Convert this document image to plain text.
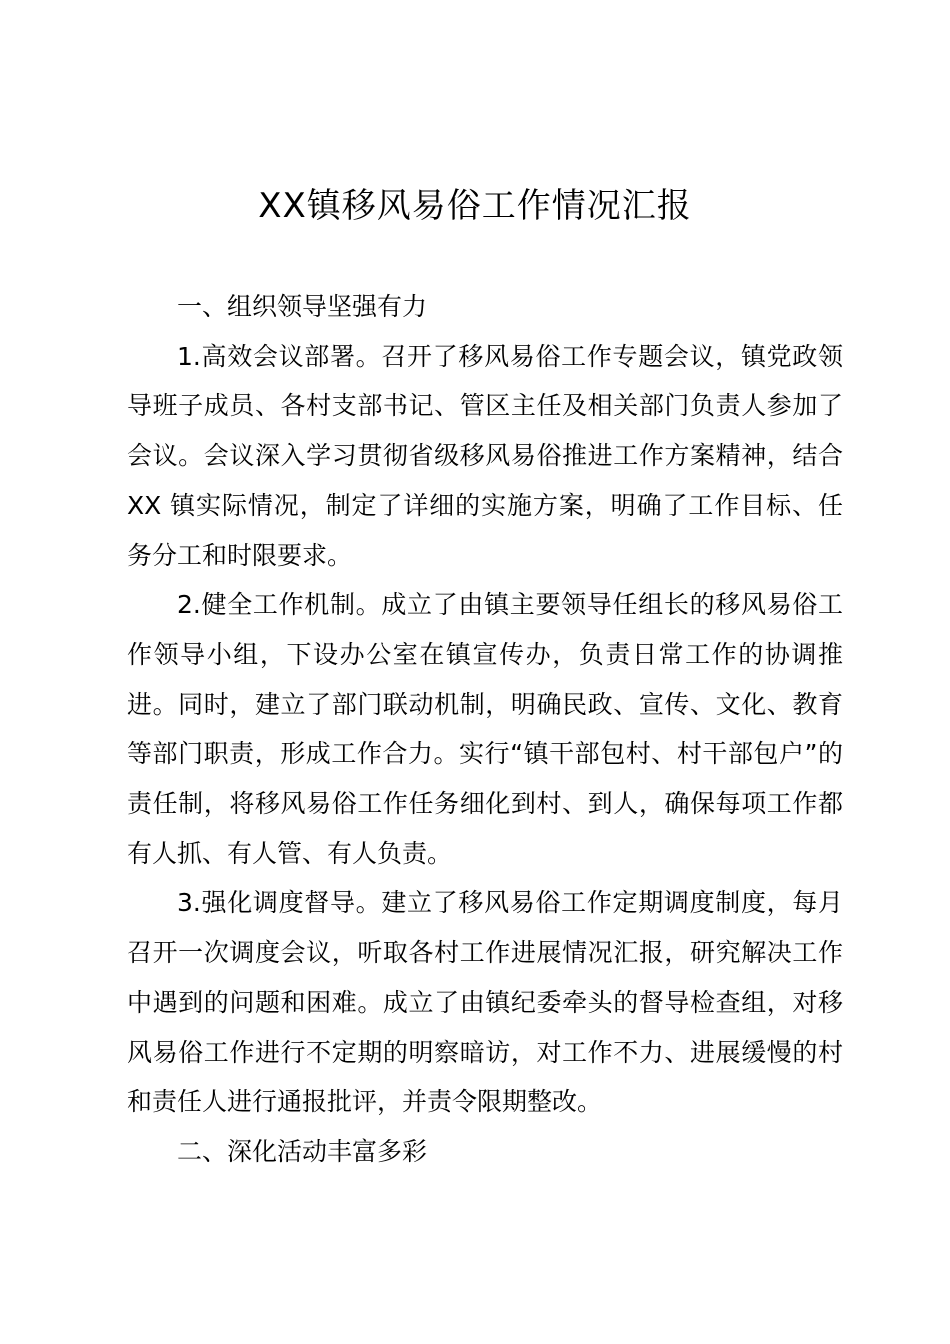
XX镇移风易俗工作情况汇报

一、组织领导坚强有力

1.高效会议部署。召开了移风易俗工作专题会议，镇党政领导班子成员、各村支部书记、管区主任及相关部门负责人参加了会议。会议深入学习贯彻省级移风易俗推进工作方案精神，结合 XX 镇实际情况，制定了详细的实施方案，明确了工作目标、任务分工和时限要求。

2.健全工作机制。成立了由镇主要领导任组长的移风易俗工作领导小组，下设办公室在镇宣传办，负责日常工作的协调推进。同时，建立了部门联动机制，明确民政、宣传、文化、教育等部门职责，形成工作合力。实行“镇干部包村、村干部包户”的责任制，将移风易俗工作任务细化到村、到人，确保每项工作都有人抓、有人管、有人负责。

3.强化调度督导。建立了移风易俗工作定期调度制度，每月召开一次调度会议，听取各村工作进展情况汇报，研究解决工作中遇到的问题和困难。成立了由镇纪委牵头的督导检查组，对移风易俗工作进行不定期的明察暗访，对工作不力、进展缓慢的村和责任人进行通报批评，并责令限期整改。

二、深化活动丰富多彩
